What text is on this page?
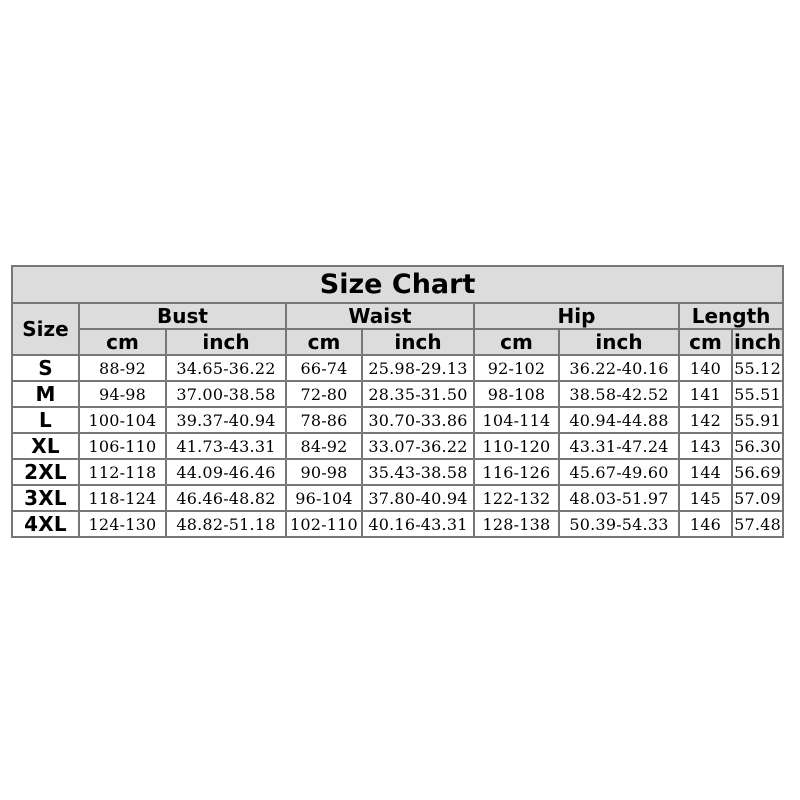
Size Chart								
Size	Bust		Waist		Hip		Length	
	cm	inch	cm	inch	cm	inch	cm	inch
S	88-92	34.65-36.22	66-74	25.98-29.13	92-102	36.22-40.16	140	55.12
M	94-98	37.00-38.58	72-80	28.35-31.50	98-108	38.58-42.52	141	55.51
L	100-104	39.37-40.94	78-86	30.70-33.86	104-114	40.94-44.88	142	55.91
XL	106-110	41.73-43.31	84-92	33.07-36.22	110-120	43.31-47.24	143	56.30
2XL	112-118	44.09-46.46	90-98	35.43-38.58	116-126	45.67-49.60	144	56.69
3XL	118-124	46.46-48.82	96-104	37.80-40.94	122-132	48.03-51.97	145	57.09
4XL	124-130	48.82-51.18	102-110	40.16-43.31	128-138	50.39-54.33	146	57.48
